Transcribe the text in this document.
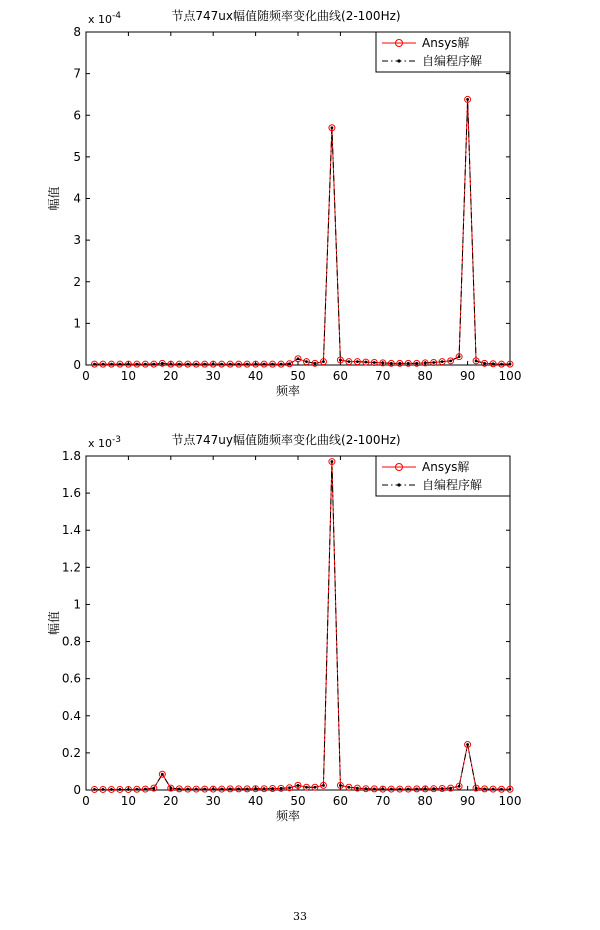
0	10 20 30 40 50 60 70 80 90 100
0
1
2
3
4
5
6
7
8
x $10^{-4}$	节点747ux幅值随频率变化曲线(2-100Hz)
频率
幅值
Ansys解
自编程序解
0	10 20 30 40 50 60 70 80 90 100
0
0.2
0.4
0.6
0.8
1
1.2
1.4
1.6
1.8
x $10^{-3}$	节点747uy幅值随频率变化曲线(2-100Hz)
频率
幅值
Ansys解
自编程序解
33
